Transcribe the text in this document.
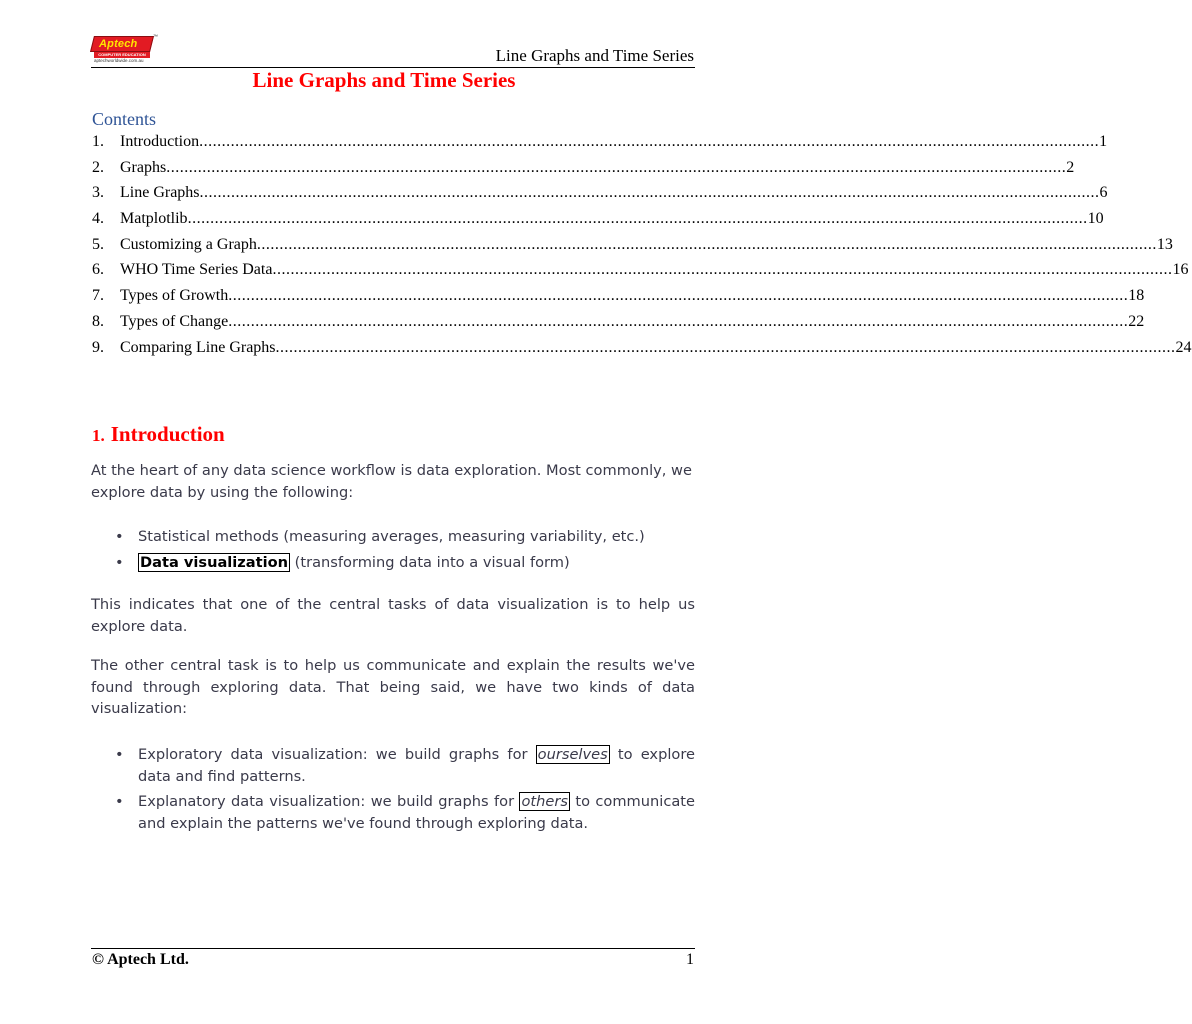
Aptech
™
COMPUTER EDUCATION
aptechworldwide.com.au	Line Graphs and Time Series
Line Graphs and Time Series
Contents
1.	Introduction ........................................................................................................................................................................................................ 1
2.	Graphs ........................................................................................................................................................................................................ 2
3.	Line Graphs ........................................................................................................................................................................................................ 6
4.	Matplotlib ........................................................................................................................................................................................................ 10
5.	Customizing a Graph ........................................................................................................................................................................................................ 13
6.	WHO Time Series Data ........................................................................................................................................................................................................ 16
7.	Types of Growth ........................................................................................................................................................................................................ 18
8.	Types of Change ........................................................................................................................................................................................................ 22
9.	Comparing Line Graphs ........................................................................................................................................................................................................ 24
1. Introduction

At the heart of any data science workflow is data exploration. Most commonly, we explore data by using the following:

• Statistical methods (measuring averages, measuring variability, etc.)
• Data visualization (transforming data into a visual form)

This indicates that one of the central tasks of data visualization is to help us explore data.

The other central task is to help us communicate and explain the results we've found through exploring data. That being said, we have two kinds of data visualization:

• Exploratory data visualization: we build graphs for ourselves to explore data and find patterns.
• Explanatory data visualization: we build graphs for others to communicate and explain the patterns we've found through exploring data.
© Aptech Ltd.	1
